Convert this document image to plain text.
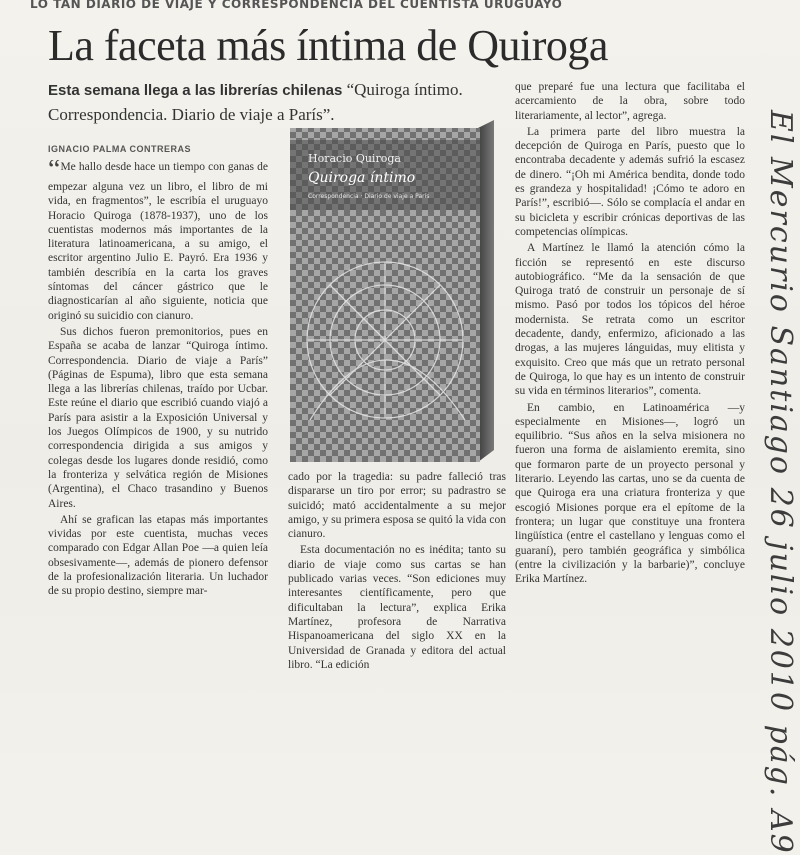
LO TAN DIARIO DE VIAJE Y CORRESPONDENCIA DEL CUENTISTA URUGUAYO
La faceta más íntima de Quiroga
Esta semana llega a las librerías chilenas “Quiroga íntimo. Correspondencia. Diario de viaje a París”.
IGNACIO PALMA CONTRERAS

“Me hallo desde hace un tiempo con ganas de empezar alguna vez un libro, el libro de mi vida, en fragmentos”, le escribía el uruguayo Horacio Quiroga (1878-1937), uno de los cuentistas modernos más importantes de la literatura latinoamericana, a su amigo, el escritor argentino Julio E. Payró. Era 1936 y también describía en la carta los graves síntomas del cáncer gástrico que le diagnosticarían al año siguiente, noticia que originó su suicidio con cianuro.

Sus dichos fueron premonitorios, pues en España se acaba de lanzar “Quiroga íntimo. Correspondencia. Diario de viaje a París” (Páginas de Espuma), libro que esta semana llega a las librerías chilenas, traído por Ucbar. Este reúne el diario que escribió cuando viajó a París para asistir a la Exposición Universal y los Juegos Olímpicos de 1900, y su nutrido correspondencia dirigida a sus amigos y colegas desde los lugares donde residió, como la fronteriza y selvática región de Misiones (Argentina), el Chaco trasandino y Buenos Aires.

Ahí se grafican las etapas más importantes vividas por este cuentista, muchas veces comparado con Edgar Allan Poe —a quien leía obsesivamente—, además de pionero defensor de la profesionalización literaria. Un luchador de su propio destino, siempre mar-

Horacio Quiroga
Quiroga íntimo
Correspondencia · Diario de viaje a París

cado por la tragedia: su padre falleció tras dispararse un tiro por error; su padrastro se suicidó; mató accidentalmente a su mejor amigo, y su primera esposa se quitó la vida con cianuro.

Esta documentación no es inédita; tanto su diario de viaje como sus cartas se han publicado varias veces. “Son ediciones muy interesantes científicamente, pero que dificultaban la lectura”, explica Erika Martínez, profesora de Narrativa Hispanoamericana del siglo XX en la Universidad de Granada y editora del actual libro. “La edición

que preparé fue una lectura que facilitaba el acercamiento de la obra, sobre todo literariamente, al lector”, agrega.

La primera parte del libro muestra la decepción de Quiroga en París, puesto que lo encontraba decadente y además sufrió la escasez de dinero. “¡Oh mi América bendita, donde todo es grandeza y hospitalidad! ¡Cómo te adoro en París!”, escribió—. Sólo se complacía el andar en su bicicleta y escribir crónicas deportivas de las competencias olímpicas.

A Martínez le llamó la atención cómo la ficción se representó en este discurso autobiográfico. “Me da la sensación de que Quiroga trató de construir un personaje de sí mismo. Pasó por todos los tópicos del héroe modernista. Se retrata como un escritor decadente, dandy, enfermizo, aficionado a las drogas, a las mujeres lánguidas, muy elitista y exquisito. Creo que más que un retrato personal de Quiroga, lo que hay es un intento de construir su vida en términos literarios”, comenta.

En cambio, en Latinoamérica —y especialmente en Misiones—, logró un equilibrio. “Sus años en la selva misionera no fueron una forma de aislamiento eremita, sino que formaron parte de un proyecto personal y literario. Leyendo las cartas, uno se da cuenta de que Quiroga era una criatura fronteriza y que escogió Misiones porque era el epítome de la frontera; un lugar que constituye una frontera lingüística (entre el castellano y lenguas como el guaraní), pero también geográfica y simbólica (entre la civilización y la barbarie)”, concluye Erika Martínez.	El Mercurio Santiago 26 julio 2010 pág. A9
